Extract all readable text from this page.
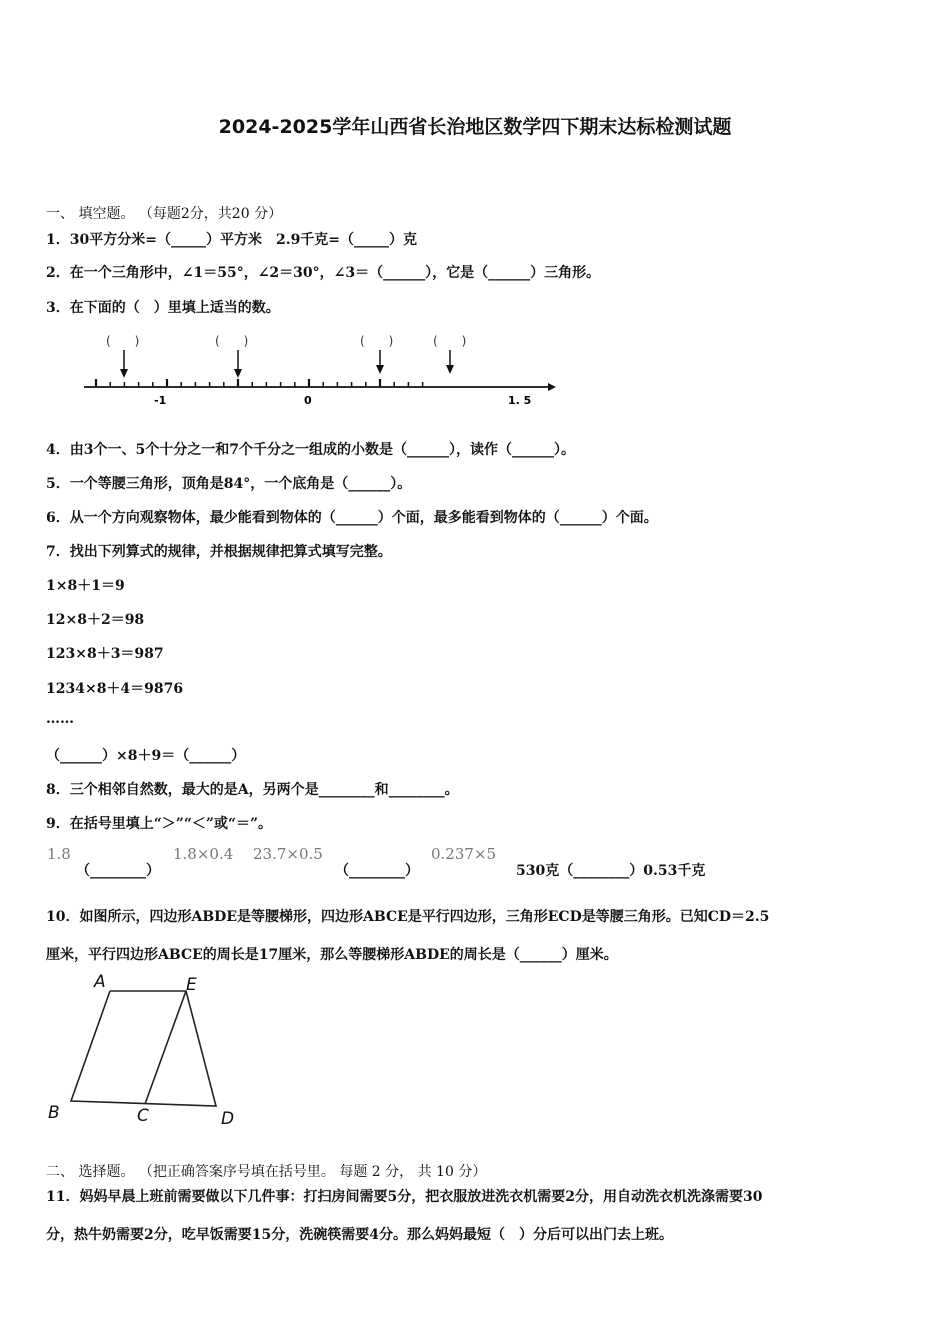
2024-2025学年山西省长治地区数学四下期末达标检测试题
一、 填空题。 （每题2分，共20 分）
1．30平方分米=（_____）平方米　2.9千克=（_____）克
2．在一个三角形中，∠1＝55°，∠2＝30°，∠3＝（______），它是（______）三角形。
3．在下面的（　）里填上适当的数。
(　　)	(　　)	(　　)	(　　)
-1	0	1. 5
4．由3个一、5个十分之一和7个千分之一组成的小数是（______），读作（______）。
5．一个等腰三角形，顶角是84°，一个底角是（______）。
6．从一个方向观察物体，最少能看到物体的（______）个面，最多能看到物体的（______）个面。
7．找出下列算式的规律，并根据规律把算式填写完整。
1×8＋1＝9
12×8＋2＝98
123×8＋3＝987
1234×8＋4＝9876
……
（______）×8＋9＝（______）
8．三个相邻自然数，最大的是A，另两个是________和________。
9．在括号里填上“＞”“＜”或“＝”。
1.8
（________）
1.8×0.4 23.7×0.5
（________）
0.237×5
530克（________）0.53千克
10．如图所示，四边形ABDE是等腰梯形，四边形ABCE是平行四边形，三角形ECD是等腰三角形。已知CD＝2.5
厘米，平行四边形ABCE的周长是17厘米，那么等腰梯形ABDE的周长是（______）厘米。
A	E
B	C	D
二、 选择题。 （把正确答案序号填在括号里。 每题 2 分， 共 10 分）
11．妈妈早晨上班前需要做以下几件事：打扫房间需要5分，把衣服放进洗衣机需要2分，用自动洗衣机洗涤需要30
分，热牛奶需要2分，吃早饭需要15分，洗碗筷需要4分。那么妈妈最短（　）分后可以出门去上班。
